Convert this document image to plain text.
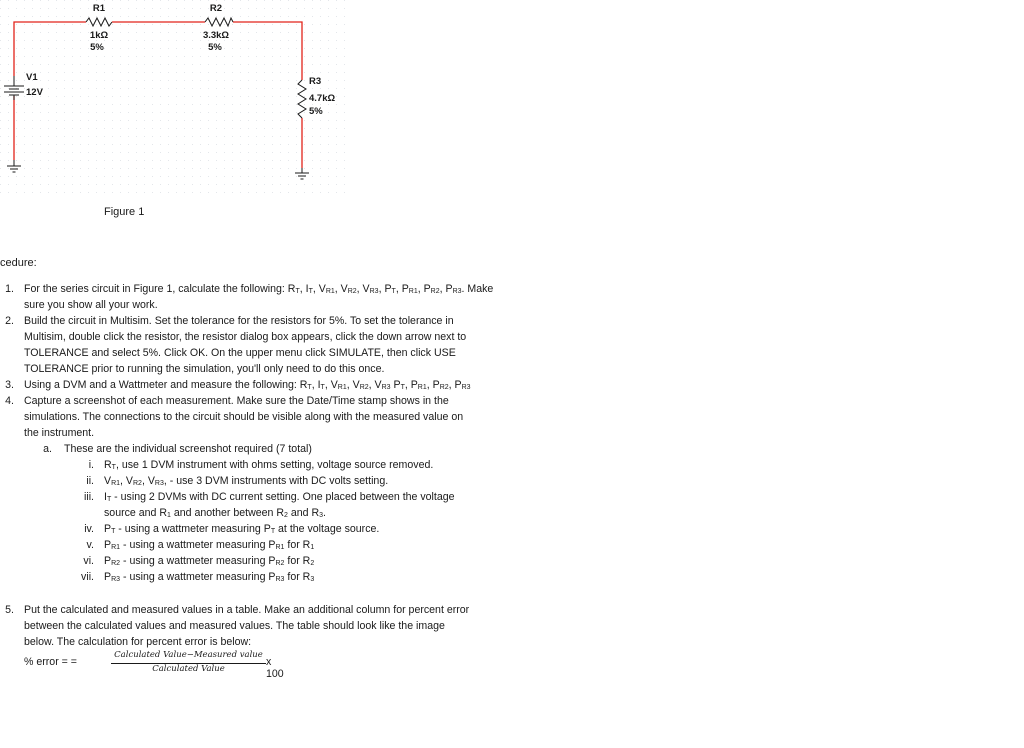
R1
1kΩ
5%
R2
3.3kΩ
5%
R3
4.7kΩ
5%
V1
12V
Figure 1
cedure:
1. For the series circuit in Figure 1, calculate the following: $R_T$, $I_T$, $V_{R1}$, $V_{R2}$, $V_{R3}$, $P_T$, $P_{R1}$, $P_{R2}$, $P_{R3}$. Make
sure you show all your work.
2. Build the circuit in Multisim. Set the tolerance for the resistors for 5%. To set the tolerance in
Multisim, double click the resistor, the resistor dialog box appears, click the down arrow next to
TOLERANCE and select 5%. Click OK. On the upper menu click SIMULATE, then click USE
TOLERANCE prior to running the simulation, you'll only need to do this once.
3. Using a DVM and a Wattmeter and measure the following: $R_T$, $I_T$, $V_{R1}$, $V_{R2}$, $V_{R3}$ $P_T$, $P_{R1}$, $P_{R2}$, $P_{R3}$
4. Capture a screenshot of each measurement. Make sure the Date/Time stamp shows in the
simulations. The connections to the circuit should be visible along with the measured value on
the instrument.
a. These are the individual screenshot required (7 total)
i. $R_T$, use 1 DVM instrument with ohms setting, voltage source removed.
ii. $V_{R1}$, $V_{R2}$, $V_{R3}$, - use 3 DVM instruments with DC volts setting.
iii. $I_T$ - using 2 DVMs with DC current setting. One placed between the voltage
source and $R_1$ and another between $R_2$ and $R_3$.
iv. $P_T$ - using a wattmeter measuring $P_T$ at the voltage source.
v. $P_{R1}$ - using a wattmeter measuring $P_{R1}$ for $R_1$
vi. $P_{R2}$ - using a wattmeter measuring $P_{R2}$ for $R_2$
vii. $P_{R3}$ - using a wattmeter measuring $P_{R3}$ for $R_3$
5. Put the calculated and measured values in a table. Make an additional column for percent error
between the calculated values and measured values. The table should look like the image
below. The calculation for percent error is below:
% error = =
Calculated Value−Measured value
Calculated Value
x 100
